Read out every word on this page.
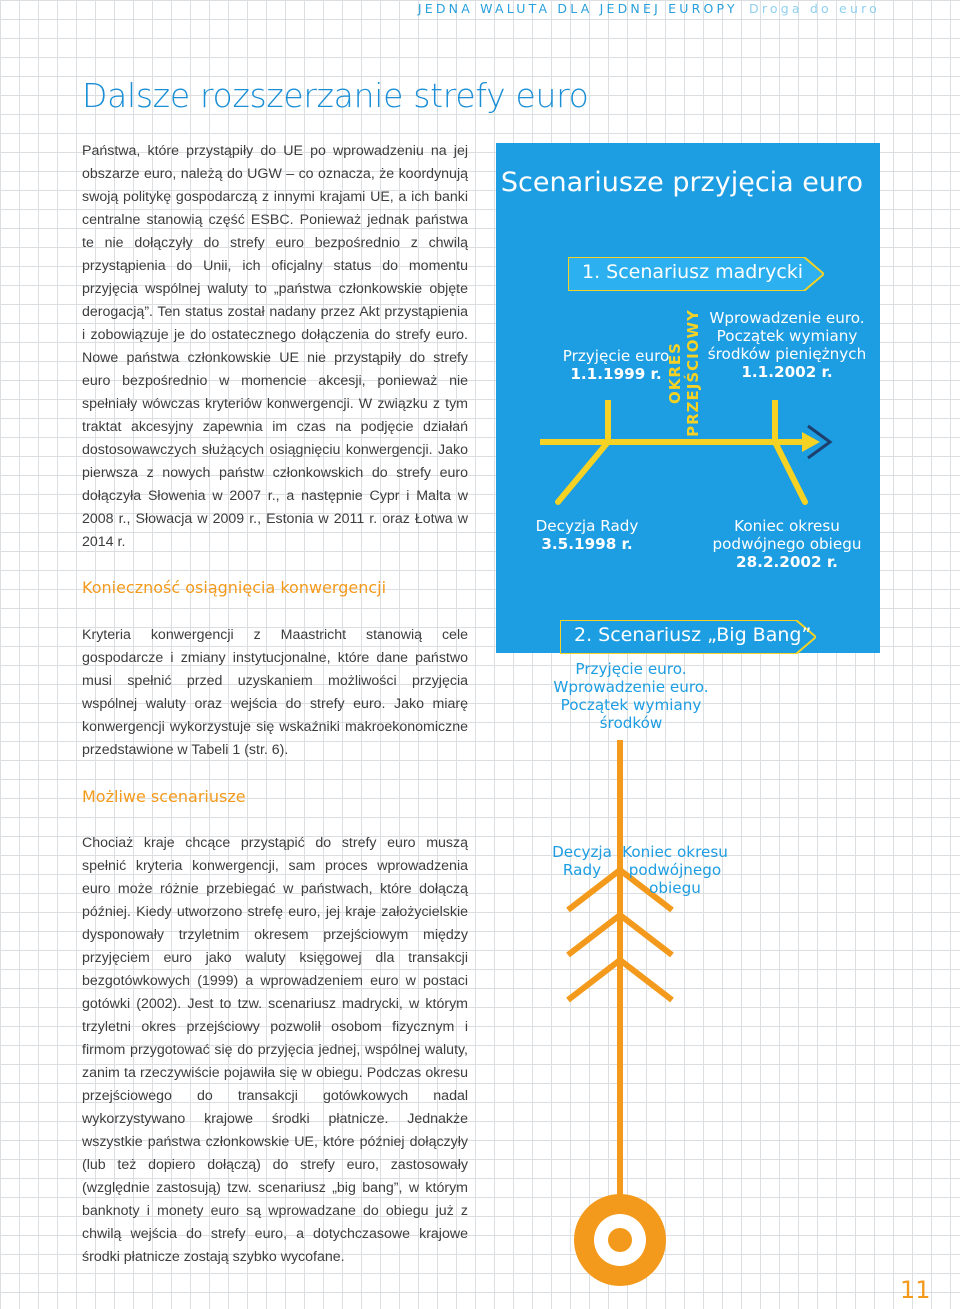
JEDNA WALUTA DLA JEDNEJ EUROPY Droga do euro
Dalsze rozszerzanie strefy euro

Państwa, które przystąpiły do UE po wprowadzeniu na jej obszarze euro, należą do UGW – co oznacza, że koordynują swoją politykę gospodarczą z innymi krajami UE, a ich banki centralne stanowią część ESBC. Ponieważ jednak państwa te nie dołączyły do strefy euro bezpośrednio z chwilą przystąpienia do Unii, ich oficjalny status do momentu przyjęcia wspólnej waluty to „państwa członkowskie objęte derogacją”. Ten status został nadany przez Akt przystąpienia i zobowiązuje je do ostatecznego dołączenia do strefy euro. Nowe państwa członkowskie UE nie przystąpiły do strefy euro bezpośrednio w momencie akcesji, ponieważ nie spełniały wówczas kryteriów konwergencji. W związku z tym traktat akcesyjny zapewnia im czas na podjęcie działań dostosowawczych służących osiągnięciu konwergencji. Jako pierwsza z nowych państw członkowskich do strefy euro dołączyła Słowenia w 2007 r., a następnie Cypr i Malta w 2008 r., Słowacja w 2009 r., Estonia w 2011 r. oraz Łotwa w 2014 r.

Konieczność osiągnięcia konwergencji

Kryteria konwergencji z Maastricht stanowią cele gospodarcze i zmiany instytucjonalne, które dane państwo musi spełnić przed uzyskaniem możliwości przyjęcia wspólnej waluty oraz wejścia do strefy euro. Jako miarę konwergencji wykorzystuje się wskaźniki makroekonomiczne przedstawione w Tabeli 1 (str. 6).

Możliwe scenariusze

Chociaż kraje chcące przystąpić do strefy euro muszą spełnić kryteria konwergencji, sam proces wprowadzenia euro może różnie przebiegać w państwach, które dołączą później. Kiedy utworzono strefę euro, jej kraje założycielskie dysponowały trzyletnim okresem przejściowym między przyjęciem euro jako waluty księgowej dla transakcji bezgotówkowych (1999) a wprowadzeniem euro w postaci gotówki (2002). Jest to tzw. scenariusz madrycki, w którym trzyletni okres przejściowy pozwolił osobom fizycznym i firmom przygotować się do przyjęcia jednej, wspólnej waluty, zanim ta rzeczywiście pojawiła się w obiegu. Podczas okresu przejściowego do transakcji gotówkowych nadal wykorzystywano krajowe środki płatnicze. Jednakże wszystkie państwa członkowskie UE, które później dołączyły (lub też dopiero dołączą) do strefy euro, zastosowały (względnie zastosują) tzw. scenariusz „big bang”, w którym banknoty i monety euro są wprowadzane do obiegu już z chwilą wejścia do strefy euro, a dotychczasowe krajowe środki płatnicze zostają szybko wycofane.

Scenariusze przyjęcia euro
1. Scenariusz madrycki
Przyjęcie euro
1.1.1999 r. OKRES PRZEJŚCIOWY Wprowadzenie euro. Początek wymiany środków pieniężnych
1.1.2002 r.
Decyzja Rady
3.5.1998 r.
Koniec okresu podwójnego obiegu
28.2.2002 r.
2. Scenariusz „Big Bang”
Przyjęcie euro. Wprowadzenie euro. Początek wymiany środków
Decyzja Rady
Koniec okresu podwójnego obiegu
11
